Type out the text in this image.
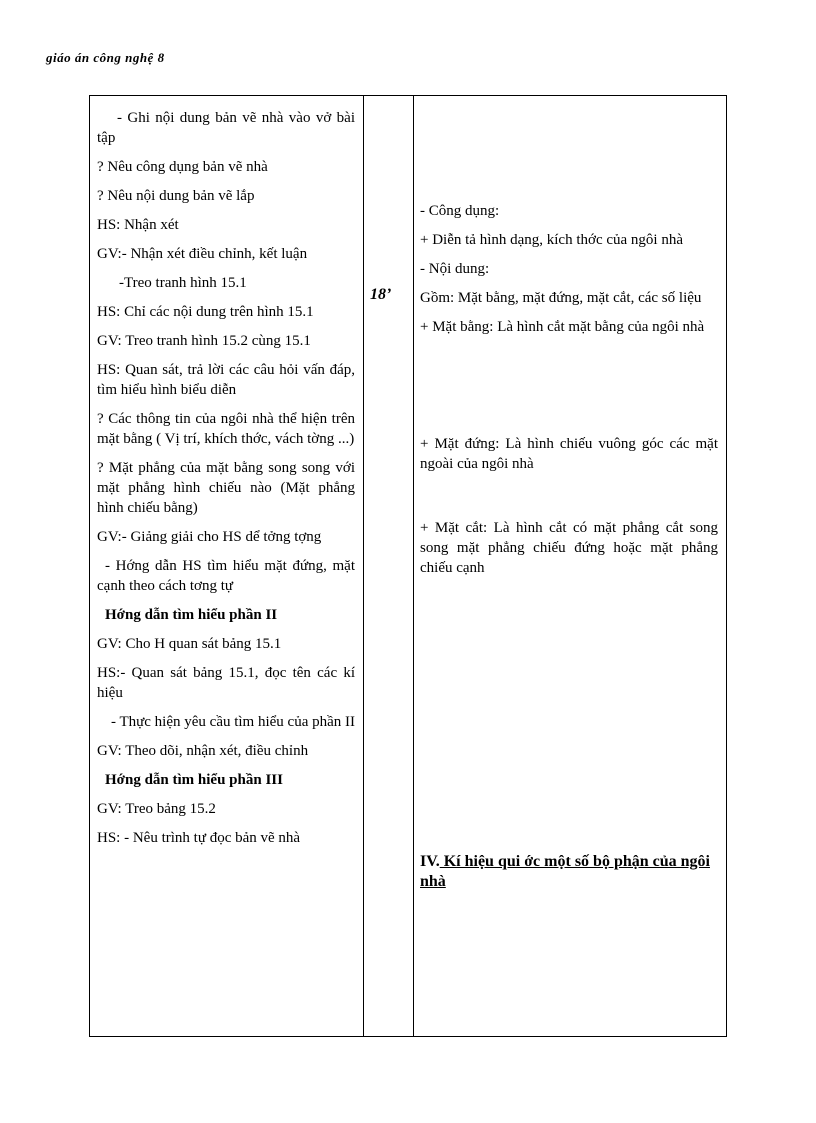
giáo án công nghệ 8

- Ghi nội dung bản vẽ nhà vào vở bài tập

? Nêu công dụng bản vẽ nhà

? Nêu nội dung bản vẽ lắp

HS: Nhận xét

GV:- Nhận xét điều chỉnh, kết luận

-Treo tranh hình 15.1

HS: Chỉ các nội dung trên hình 15.1

GV: Treo tranh hình 15.2 cùng 15.1

HS: Quan sát, trả lời các câu hỏi vấn đáp, tìm hiểu hình biểu diễn

? Các thông tin của ngôi nhà thể hiện trên mặt bằng ( Vị trí, khích thớc, vách tờng ...)

? Mặt phẳng của mặt bằng song song với mặt phẳng hình chiếu nào (Mặt phẳng hình chiếu bằng)

GV:- Giảng giải cho HS dể tởng tợng

- Hớng dẫn HS tìm hiểu mặt đứng, mặt cạnh theo cách tơng tự

Hớng dẫn tìm hiểu phần II

GV: Cho H quan sát bảng 15.1

HS:- Quan sát bảng 15.1, đọc tên các kí hiệu

- Thực hiện yêu cầu tìm hiểu của phần II

GV: Theo dõi, nhận xét, điều chỉnh

Hớng dẫn tìm hiểu phần III

GV: Treo bảng 15.2

HS: - Nêu trình tự đọc bản vẽ nhà

18’

- Công dụng:

+ Diễn tả hình dạng, kích thớc của ngôi nhà

- Nội dung:

Gồm: Mặt bằng, mặt đứng, mặt cắt, các số liệu

+ Mặt bằng: Là hình cắt mặt bằng của ngôi nhà

+ Mặt đứng: Là hình chiếu vuông góc các mặt ngoài của ngôi nhà

+ Mặt cắt: Là hình cắt có mặt phẳng cắt song song mặt phẳng chiếu đứng hoặc mặt phẳng chiếu cạnh

IV. Kí hiệu qui ớc một số bộ phận của ngôi nhà
